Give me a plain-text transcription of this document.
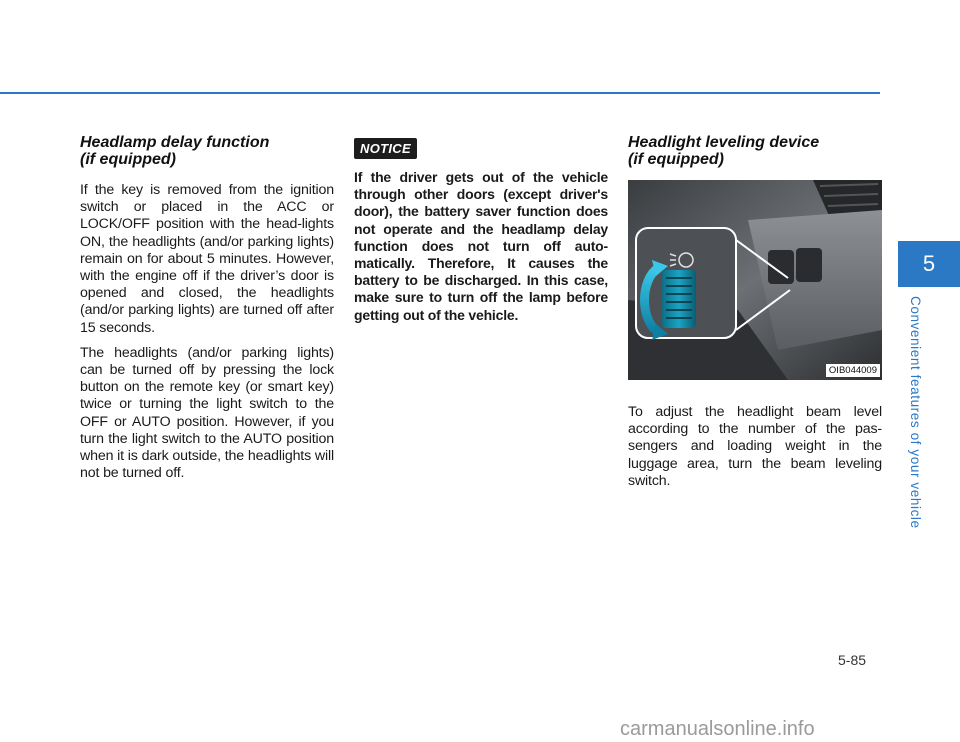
Headlamp delay function
(if equipped)

If the key is removed from the ignition switch or placed in the ACC or LOCK/OFF position with the head-lights ON, the headlights (and/or parking lights) remain on for about 5 minutes. However, with the engine off if the driver’s door is opened and closed, the headlights (and/or parking lights) are turned off after 15 seconds.

The headlights (and/or parking lights) can be turned off by pressing the lock button on the remote key (or smart key) twice or turning the light switch to the OFF or AUTO position. However, if you turn the light switch to the AUTO position when it is dark outside, the headlights will not be turned off.

NOTICE

If the driver gets out of the vehicle through other doors (except driver's door), the battery saver function does not operate and the headlamp delay function does not turn off auto-matically. Therefore, It causes the battery to be discharged. In this case, make sure to turn off the lamp before getting out of the vehicle.

Headlight leveling device
(if equipped)
OIB044009

To adjust the headlight beam level according to the number of the pas-sengers and loading weight in the luggage area, turn the beam leveling switch.

5
Convenient features of your vehicle
5-85
carmanualsonline.info
